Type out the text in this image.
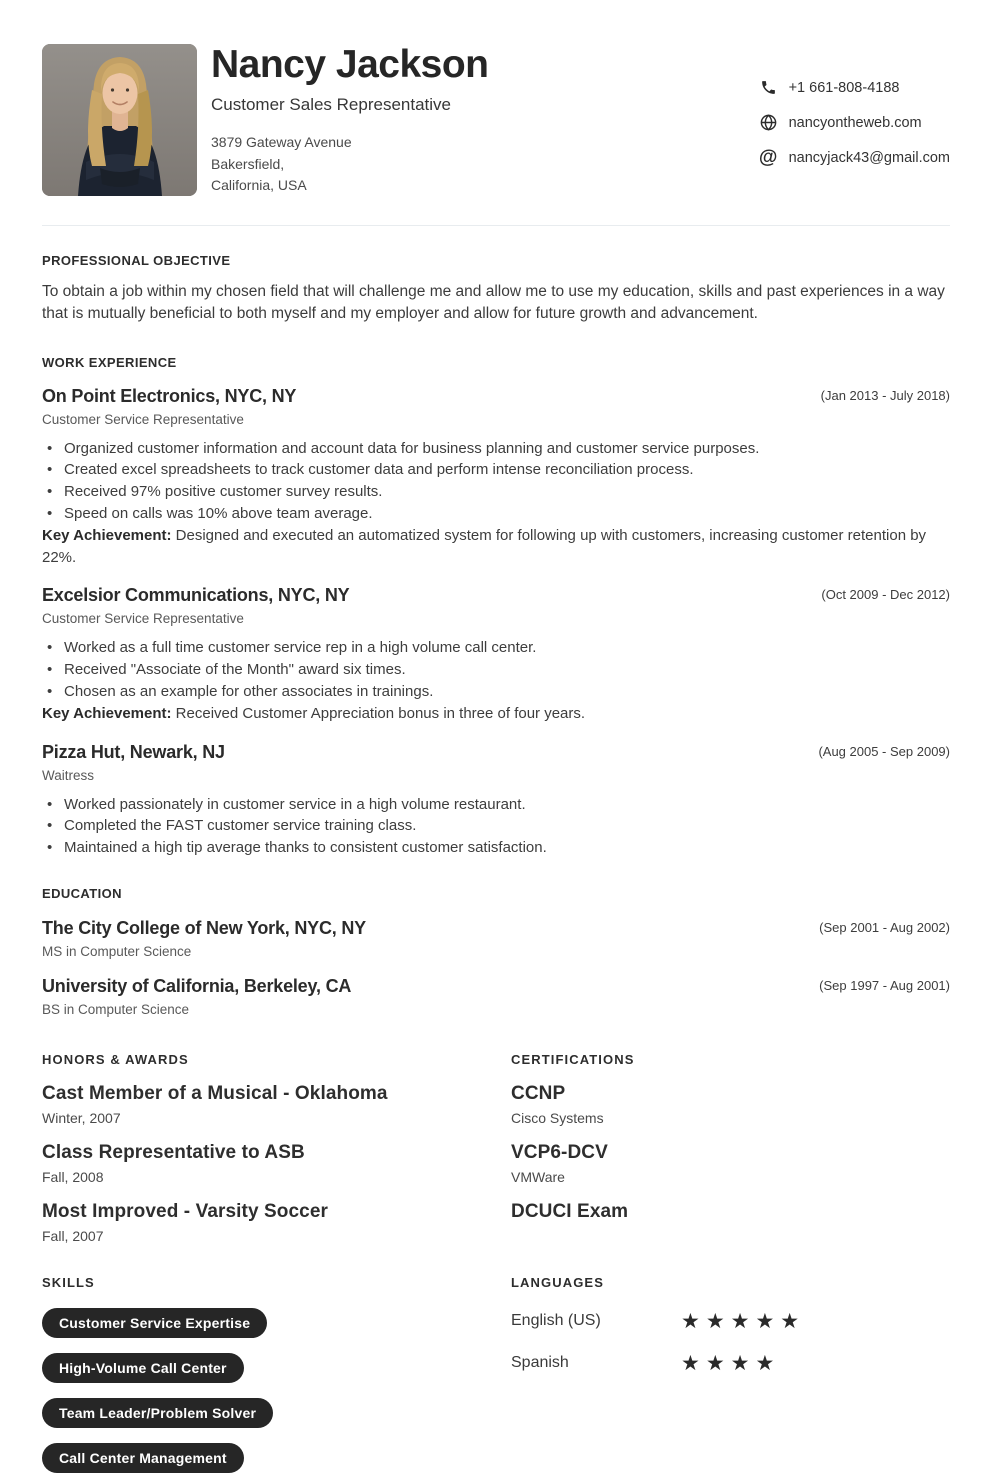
Nancy Jackson
Customer Sales Representative
3879 Gateway Avenue
Bakersfield,
California, USA
+1 661-808-4188
nancyontheweb.com
@ nancyjack43@gmail.com
PROFESSIONAL OBJECTIVE

To obtain a job within my chosen field that will challenge me and allow me to use my education, skills and past experiences in a way that is mutually beneficial to both myself and my employer and allow for future growth and advancement.

WORK EXPERIENCE
On Point Electronics, NYC, NY	(Jan 2013 - July 2018)
Customer Service Representative
• Organized customer information and account data for business planning and customer service purposes.
• Created excel spreadsheets to track customer data and perform intense reconciliation process.
• Received 97% positive customer survey results.
• Speed on calls was 10% above team average.

Key Achievement: Designed and executed an automatized system for following up with customers, increasing customer retention by 22%.

Excelsior Communications, NYC, NY	(Oct 2009 - Dec 2012)
Customer Service Representative
• Worked as a full time customer service rep in a high volume call center.
• Received "Associate of the Month" award six times.
• Chosen as an example for other associates in trainings.

Key Achievement: Received Customer Appreciation bonus in three of four years.

Pizza Hut, Newark, NJ	(Aug 2005 - Sep 2009)
Waitress
• Worked passionately in customer service in a high volume restaurant.
• Completed the FAST customer service training class.
• Maintained a high tip average thanks to consistent customer satisfaction.
EDUCATION
The City College of New York, NYC, NY	(Sep 2001 - Aug 2002)
MS in Computer Science
University of California, Berkeley, CA	(Sep 1997 - Aug 2001)
BS in Computer Science
HONORS & AWARDS
Cast Member of a Musical - Oklahoma
Winter, 2007
Class Representative to ASB
Fall, 2008
Most Improved - Varsity Soccer
Fall, 2007
CERTIFICATIONS
CCNP
Cisco Systems
VCP6-DCV
VMWare
DCUCI Exam
SKILLS
Customer Service Expertise
High-Volume Call Center
Team Leader/Problem Solver
Call Center Management
LANGUAGES
English (US)	★★★★★
Spanish	★★★★
